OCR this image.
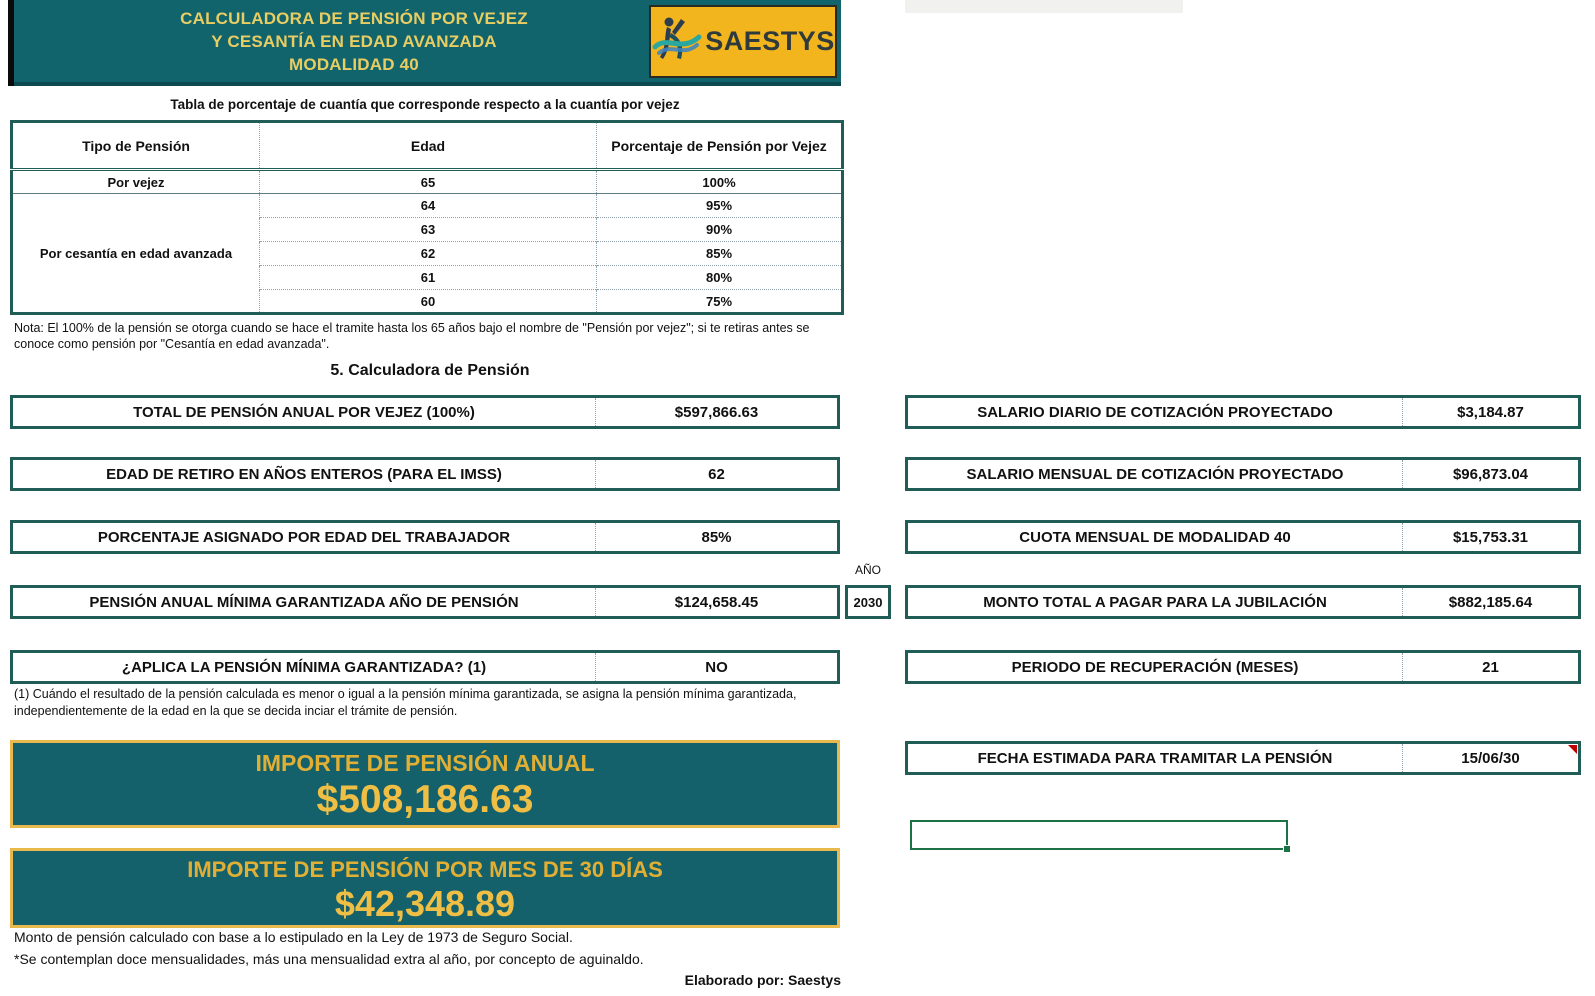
CALCULADORA DE PENSIÓN POR VEJEZ
Y CESANTÍA EN EDAD AVANZADA
MODALIDAD 40
SAESTYS
Tabla de porcentaje de cuantía que corresponde respecto a la cuantía por vejez
Tipo de Pensión	Edad	Porcentaje de Pensión por Vejez
Por vejez	65	100%
Por cesantía en edad avanzada	64	95%
	63	90%
	62	85%
	61	80%
	60	75%
Nota: El 100% de la pensión se otorga cuando se hace el tramite hasta los 65 años bajo el nombre de "Pensión por vejez"; si te retiras antes se conoce como pensión por "Cesantía en edad avanzada".
5. Calculadora de Pensión
TOTAL DE PENSIÓN ANUAL POR VEJEZ (100%)	$597,866.63
EDAD DE RETIRO EN AÑOS ENTEROS (PARA EL IMSS)	62
PORCENTAJE ASIGNADO POR EDAD DEL TRABAJADOR	85%
PENSIÓN ANUAL MÍNIMA GARANTIZADA AÑO DE PENSIÓN	$124,658.45
¿APLICA LA PENSIÓN MÍNIMA GARANTIZADA? (1)	NO
AÑO
2030
(1) Cuándo el resultado de la pensión calculada es menor o igual a la pensión mínima garantizada, se asigna la pensión mínima garantizada, independientemente de la edad en la que se decida inciar el trámite de pensión.
SALARIO DIARIO DE COTIZACIÓN PROYECTADO	$3,184.87
SALARIO MENSUAL DE COTIZACIÓN PROYECTADO	$96,873.04
CUOTA MENSUAL DE MODALIDAD 40	$15,753.31
MONTO TOTAL A PAGAR PARA LA JUBILACIÓN	$882,185.64
PERIODO DE RECUPERACIÓN (MESES)	21
FECHA ESTIMADA PARA TRAMITAR LA PENSIÓN	15/06/30
IMPORTE DE PENSIÓN ANUAL
$508,186.63
IMPORTE DE PENSIÓN POR MES DE 30 DÍAS
$42,348.89
Monto de pensión calculado con base a lo estipulado en la Ley de 1973 de Seguro Social.
*Se contemplan doce mensualidades, más una mensualidad extra al año, por concepto de aguinaldo.
Elaborado por: Saestys
